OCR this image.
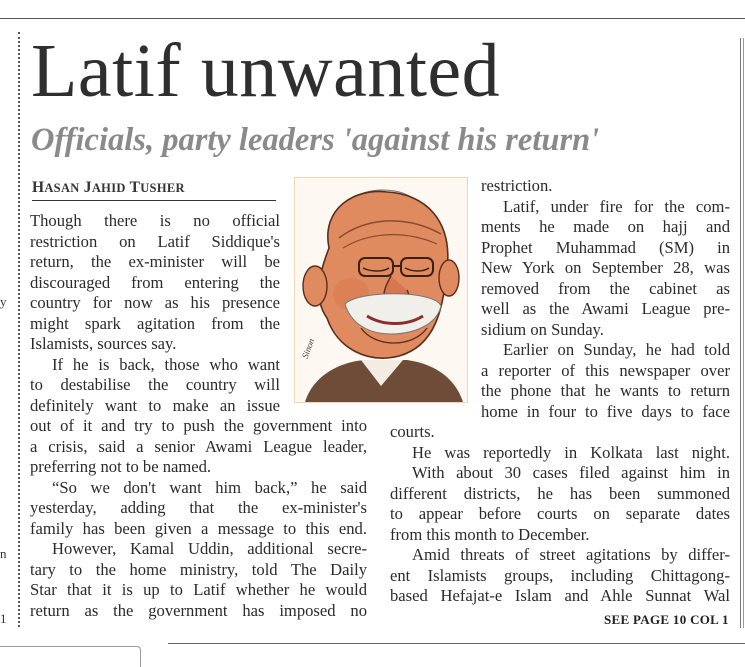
y
n
1
Latif unwanted
Officials, party leaders 'against his return'
HASAN JAHID TUSHER
Though there is no official
restriction on Latif Siddique's
return, the ex-minister will be
discouraged from entering the
country for now as his presence
might spark agitation from the
Islamists, sources say.
If he is back, those who want
to destabilise the country will
definitely want to make an issue
out of it and try to push the government into
a crisis, said a senior Awami League leader,
preferring not to be named.
“So we don't want him back,” he said
yesterday, adding that the ex-minister's
family has been given a message to this end.
However, Kamal Uddin, additional secre-
tary to the home ministry, told The Daily
Star that it is up to Latif whether he would
return as the government has imposed no
Sinon
restriction.
Latif, under fire for the com-
ments he made on hajj and
Prophet Muhammad (SM) in
New York on September 28, was
removed from the cabinet as
well as the Awami League pre-
sidium on Sunday.
Earlier on Sunday, he had told
a reporter of this newspaper over
the phone that he wants to return
home in four to five days to face
courts.
He was reportedly in Kolkata last night.
With about 30 cases filed against him in
different districts, he has been summoned
to appear before courts on separate dates
from this month to December.
Amid threats of street agitations by differ-
ent Islamists groups, including Chittagong-
based Hefajat-e Islam and Ahle Sunnat Wal
SEE PAGE 10 COL 1
